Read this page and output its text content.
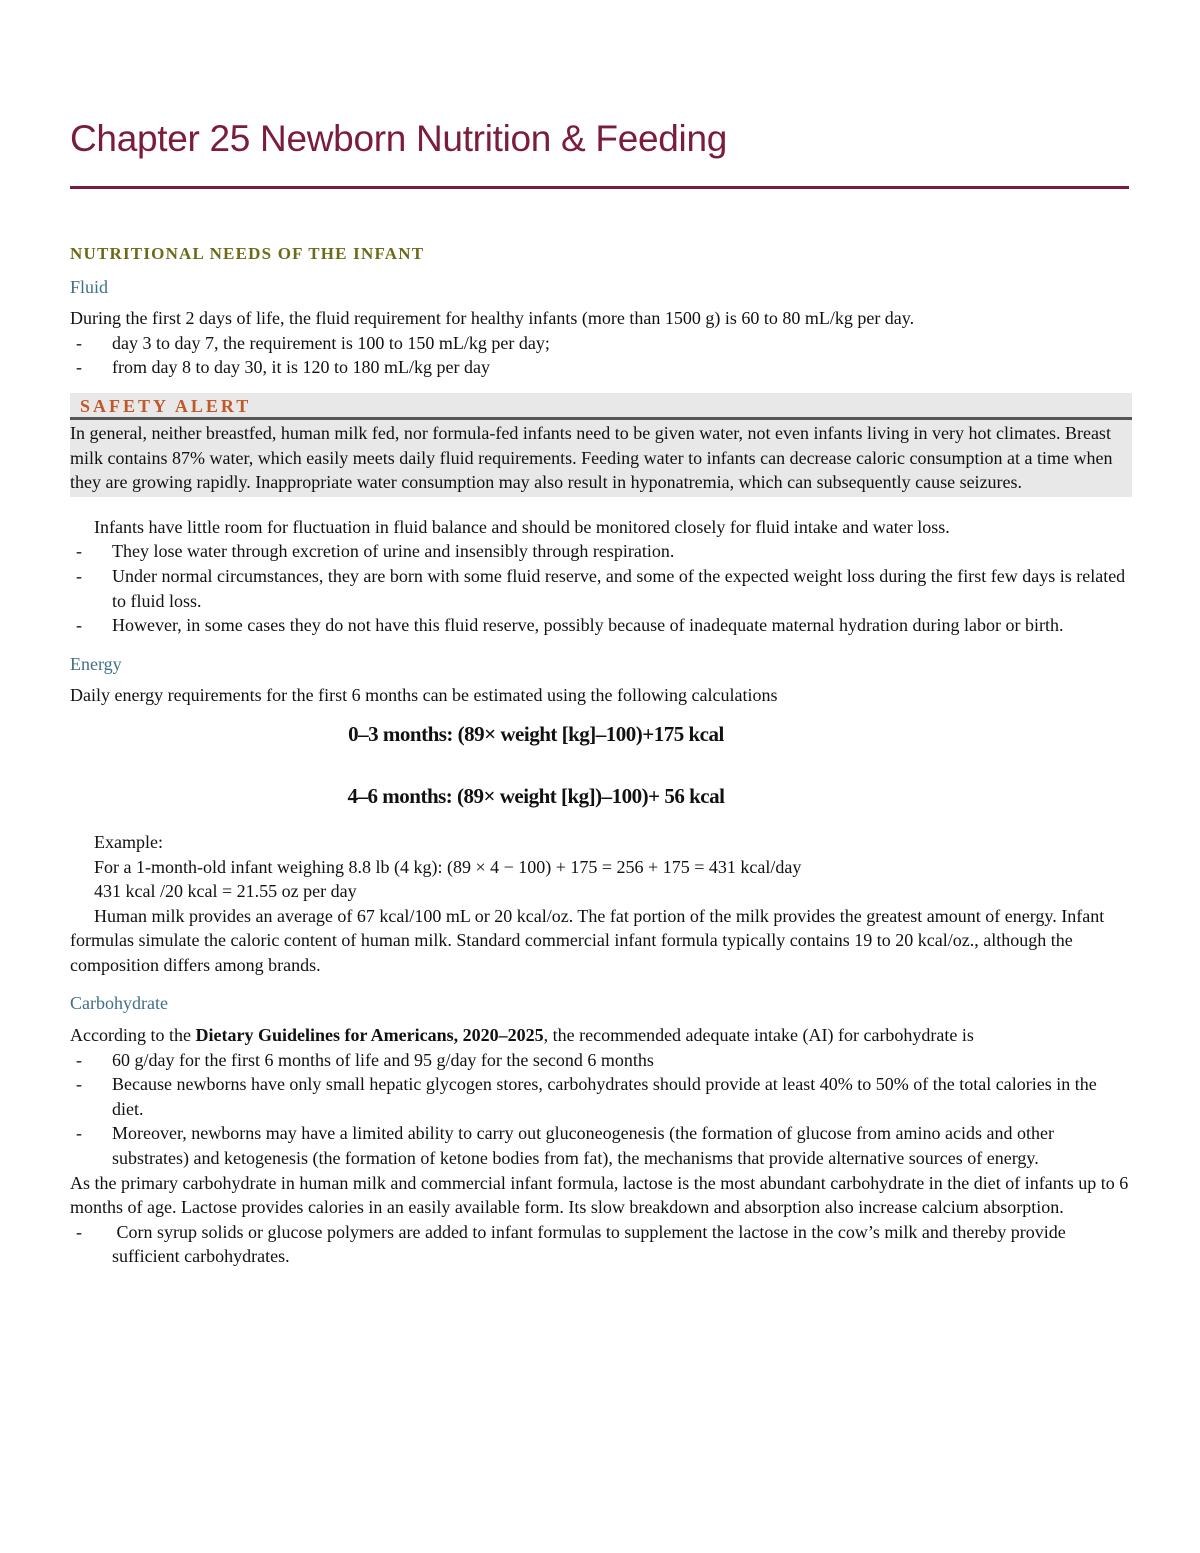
Chapter 25 Newborn Nutrition & Feeding
NUTRITIONAL NEEDS OF THE INFANT
Fluid

During the first 2 days of life, the fluid requirement for healthy infants (more than 1500 g) is 60 to 80 mL/kg per day.

- day 3 to day 7, the requirement is 100 to 150 mL/kg per day;
- from day 8 to day 30, it is 120 to 180 mL/kg per day
SAFETY ALERT
In general, neither breastfed, human milk fed, nor formula-fed infants need to be given water, not even infants living in very hot climates. Breast milk contains 87% water, which easily meets daily fluid requirements. Feeding water to infants can decrease caloric consumption at a time when they are growing rapidly. Inappropriate water consumption may also result in hyponatremia, which can subsequently cause seizures.

Infants have little room for fluctuation in fluid balance and should be monitored closely for fluid intake and water loss.

- They lose water through excretion of urine and insensibly through respiration.
- Under normal circumstances, they are born with some fluid reserve, and some of the expected weight loss during the first few days is related to fluid loss.
- However, in some cases they do not have this fluid reserve, possibly because of inadequate maternal hydration during labor or birth.
Energy

Daily energy requirements for the first 6 months can be estimated using the following calculations

0–3 months: (89× weight [kg]–100)+175 kcal
4–6 months: (89× weight [kg])–100)+ 56 kcal

Example:

For a 1-month-old infant weighing 8.8 lb (4 kg): (89 × 4 − 100) + 175 = 256 + 175 = 431 kcal/day

431 kcal /20 kcal = 21.55 oz per day

Human milk provides an average of 67 kcal/100 mL or 20 kcal/oz. The fat portion of the milk provides the greatest amount of energy. Infant formulas simulate the caloric content of human milk. Standard commercial infant formula typically contains 19 to 20 kcal/oz., although the composition differs among brands.

Carbohydrate

According to the Dietary Guidelines for Americans, 2020–2025, the recommended adequate intake (AI) for carbohydrate is

- 60 g/day for the first 6 months of life and 95 g/day for the second 6 months
- Because newborns have only small hepatic glycogen stores, carbohydrates should provide at least 40% to 50% of the total calories in the diet.
- Moreover, newborns may have a limited ability to carry out gluconeogenesis (the formation of glucose from amino acids and other substrates) and ketogenesis (the formation of ketone bodies from fat), the mechanisms that provide alternative sources of energy.

As the primary carbohydrate in human milk and commercial infant formula, lactose is the most abundant carbohydrate in the diet of infants up to 6 months of age. Lactose provides calories in an easily available form. Its slow breakdown and absorption also increase calcium absorption.

-  Corn syrup solids or glucose polymers are added to infant formulas to supplement the lactose in the cow’s milk and thereby provide sufficient carbohydrates.
